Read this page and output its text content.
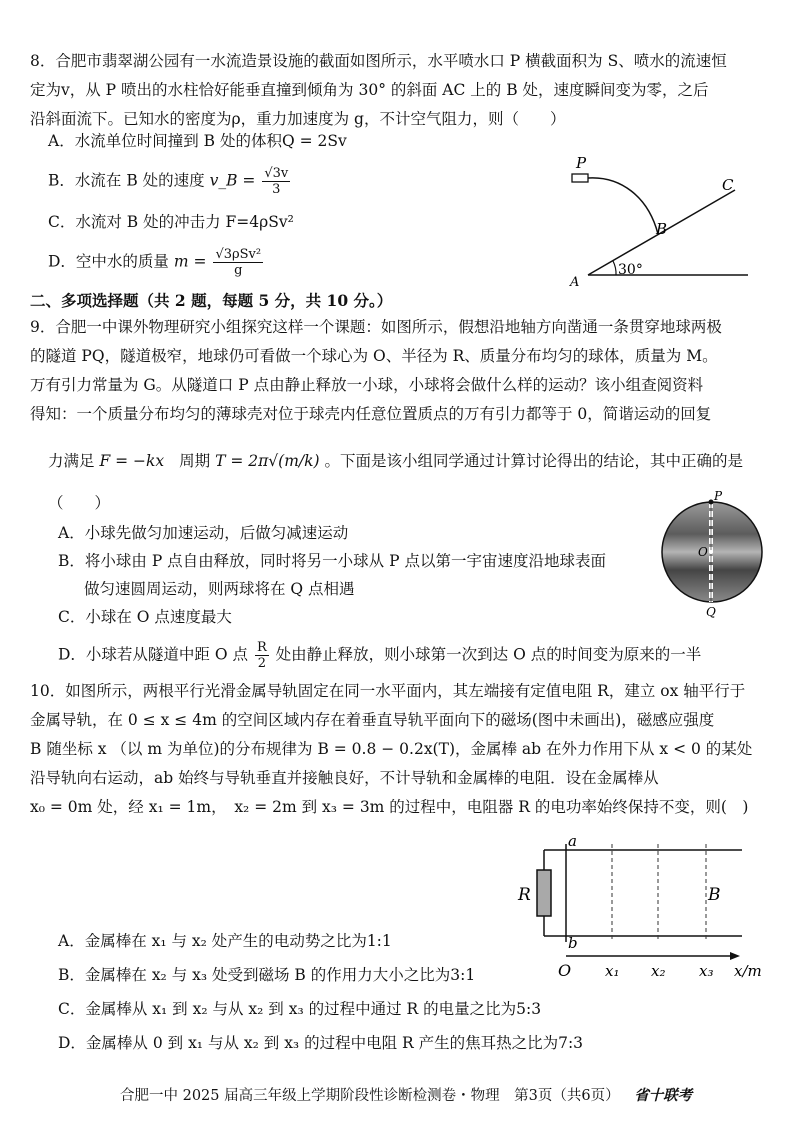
8．合肥市翡翠湖公园有一水流造景设施的截面如图所示，水平喷水口 P 横截面积为 S、喷水的流速恒
定为v，从 P 喷出的水柱恰好能垂直撞到倾角为 30° 的斜面 AC 上的 B 处，速度瞬间变为零，之后
沿斜面流下。已知水的密度为ρ，重力加速度为 g，不计空气阻力，则（　　）
A．水流单位时间撞到 B 处的体积Q = 2Sv
B．水流在 B 处的速度 v_B = $\frac{√3v}{3}$
C．水流对 B 处的冲击力 F=4ρSv²
D．空中水的质量 $m = \frac{\text{√3ρSv²}}{g}$
P
B
C
A
30°
二、多项选择题（共 2 题，每题 5 分，共 10 分。）
9．合肥一中课外物理研究小组探究这样一个课题：如图所示，假想沿地轴方向凿通一条贯穿地球两极
的隧道 PQ，隧道极窄，地球仍可看做一个球心为 O、半径为 R、质量分布均匀的球体，质量为 M。
万有引力常量为 G。从隧道口 P 点由静止释放一小球，小球将会做什么样的运动？该小组查阅资料
得知：一个质量分布均匀的薄球壳对位于球壳内任意位置质点的万有引力都等于 0，简谐运动的回复
力满足 F = −kx 周期 T = 2π√(m/k) 。下面是该小组同学通过计算讨论得出的结论，其中正确的是
（　　）
A．小球先做匀加速运动，后做匀减速运动
B．将小球由 P 点自由释放，同时将另一小球从 P 点以第一宇宙速度沿地球表面
做匀速圆周运动，则两球将在 Q 点相遇
C．小球在 O 点速度最大
D．小球若从隧道中距 O 点 $\frac{R}{2}$ 处由静止释放，则小球第一次到达 O 点的时间变为原来的一半
P
O
Q
10．如图所示，两根平行光滑金属导轨固定在同一水平面内，其左端接有定值电阻 R，建立 ox 轴平行于
金属导轨，在 0 ≤ x ≤ 4m 的空间区域内存在着垂直导轨平面向下的磁场(图中未画出)，磁感应强度
B 随坐标 x （以 m 为单位)的分布规律为 B = 0.8 − 0.2x(T)，金属棒 ab 在外力作用下从 x < 0 的某处
沿导轨向右运动，ab 始终与导轨垂直并接触良好，不计导轨和金属棒的电阻．设在金属棒从
x₀ = 0m 处，经 x₁ = 1m，　x₂ = 2m 到 x₃ = 3m 的过程中，电阻器 R 的电功率始终保持不变，则(　)
A．金属棒在 x₁ 与 x₂ 处产生的电动势之比为1:1
B．金属棒在 x₂ 与 x₃ 处受到磁场 B 的作用力大小之比为3:1
C．金属棒从 x₁ 到 x₂ 与从 x₂ 到 x₃ 的过程中通过 R 的电量之比为5:3
D．金属棒从 0 到 x₁ 与从 x₂ 到 x₃ 的过程中电阻 R 产生的焦耳热之比为7:3
a
b
R	B
O x₁ x₂ x₃ x/m
合肥一中 2025 届高三年级上学期阶段性诊断检测卷・物理　第3页（共6页） 省十联考
